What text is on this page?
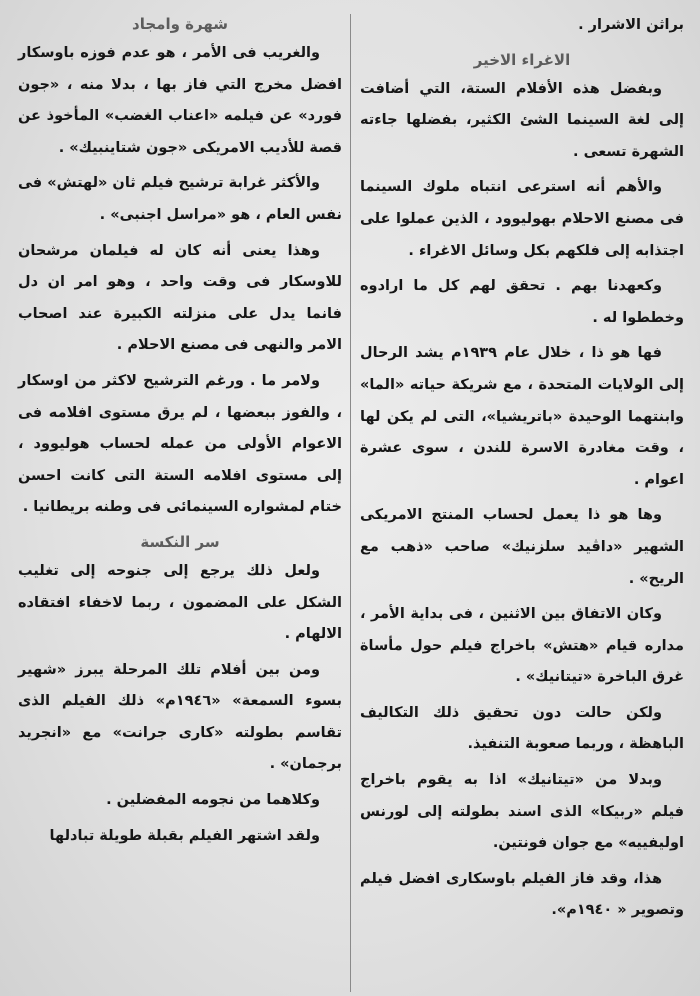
براثن الاشرار .

الاغراء الاخير

وبفضل هذه الأفلام الستة، التي أضافت إلى لغة السينما الشئ الكثير، بفضلها جاءته الشهرة تسعى .

والأهم أنه استرعى انتباه ملوك السينما فى مصنع الاحلام بهوليوود ، الذين عملوا على اجتذابه إلى فلكهم بكل وسائل الاغراء .

وكعهدنا بهم . تحقق لهم كل ما ارادوه وخططوا له .

فها هو ذا ، خلال عام ١٩٣٩م يشد الرحال إلى الولايات المتحدة ، مع شريكة حياته «الما» وابنتهما الوحيدة «باتريشيا»، التى لم يكن لها ، وقت مغادرة الاسرة للندن ، سوى عشرة اعوام .

وها هو ذا يعمل لحساب المنتج الامريكى الشهير «داڤيد سلزنيك» صاحب «ذهب مع الريح» .

وكان الاتفاق بين الاثنين ، فى بداية الأمر ، مداره قيام «هتش» باخراج فيلم حول مأساة غرق الباخرة «تيتانيك» .

ولكن حالت دون تحقيق ذلك التكاليف الباهظة ، وربما صعوبة التنفيذ.

وبدلا من «تيتانيك» اذا به يقوم باخراج فيلم «ربيكا» الذى اسند بطولته إلى لورنس اوليفييه» مع جوان فونتين.

هذا، وقد فاز الفيلم باوسكارى افضل فيلم وتصوير « ١٩٤٠م».

شهرة وامجاد

والغريب فى الأمر ، هو عدم فوزه باوسكار افضل مخرج التي فاز بها ، بدلا منه ، «جون فورد» عن فيلمه «اعناب الغضب» المأخوذ عن قصة للأديب الامريكى «جون شتاينبيك» .

والأكثر غرابة ترشيح فيلم ثان «لهتش» فى نفس العام ، هو «مراسل اجنبى» .

وهذا يعنى أنه كان له فيلمان مرشحان للاوسكار فى وقت واحد ، وهو امر ان دل فانما يدل على منزلته الكبيرة عند اصحاب الامر والنهى فى مصنع الاحلام .

ولامر ما . ورغم الترشيح لاكثر من اوسكار ، والفوز ببعضها ، لم يرق مستوى افلامه فى الاعوام الأولى من عمله لحساب هوليوود ، إلى مستوى افلامه الستة التى كانت احسن ختام لمشواره السينمائى فى وطنه بريطانيا .

سر النكسة

ولعل ذلك يرجع إلى جنوحه إلى تغليب الشكل على المضمون ، ربما لاخفاء افتقاده الالهام .

ومن بين أفلام تلك المرحلة يبرز «شهير بسوء السمعة» «١٩٤٦م» ذلك الفيلم الذى تقاسم بطولته «كارى جرانت» مع «انجريد برجمان» .

وكلاهما من نجومه المفضلين .

ولقد اشتهر الفيلم بقبلة طويلة تبادلها
